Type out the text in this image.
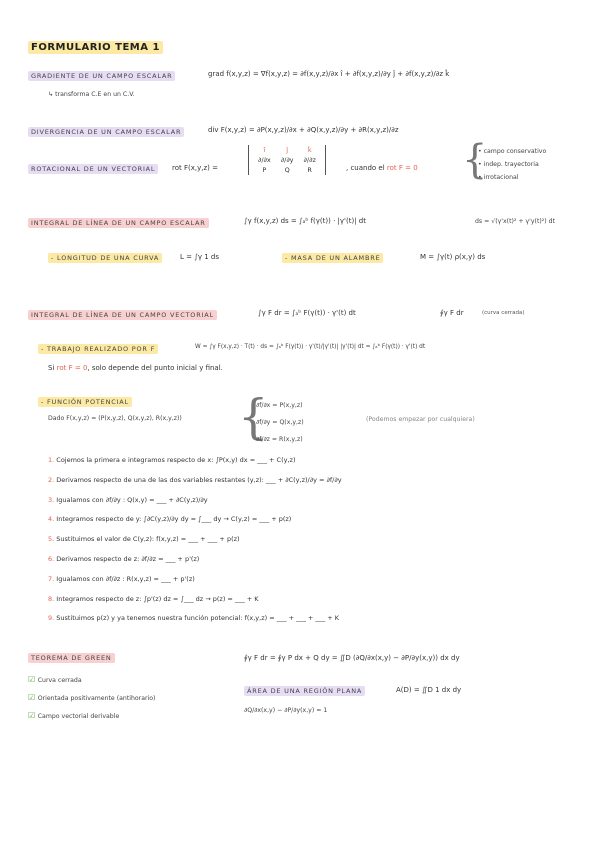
FORMULARIO TEMA 1
GRADIENTE DE UN CAMPO ESCALAR	grad f(x,y,z) = ∇f(x,y,z) = ∂f(x,y,z)/∂x î + ∂f(x,y,z)/∂y ĵ + ∂f(x,y,z)/∂z k̂
↳ transforma C.E en un C.V.
DIVERGENCIA DE UN CAMPO ESCALAR	div F(x,y,z) = ∂P(x,y,z)/∂x + ∂Q(x,y,z)/∂y + ∂R(x,y,z)/∂z
ROTACIONAL DE UN VECTORIAL	rot F(x,y,z) =
î	ĵ	k̂
∂/∂x	∂/∂y	∂/∂z
P	Q	R	, cuando el rot F = 0 {
• campo conservativo
• indep. trayectoria
• irrotacional
INTEGRAL DE LÍNEA DE UN CAMPO ESCALAR	∫γ f(x,y,z) ds = ∫ₐᵇ f(γ(t)) · |γ'(t)| dt	ds = √(γ'x(t)² + γ'y(t)²) dt
- LONGITUD DE UNA CURVA	L = ∫γ 1 ds	- MASA DE UN ALAMBRE	M = ∫γ(t) ρ(x,y) ds
INTEGRAL DE LÍNEA DE UN CAMPO VECTORIAL	∫γ F dr = ∫ₐᵇ F(γ(t)) · γ'(t) dt	∮γ F dr	(curva cerrada)
- TRABAJO REALIZADO POR F	W = ∫γ F(x,y,z) · T(t) · ds = ∫ₐᵇ F(γ(t)) · γ'(t)/|γ'(t)| |γ'(t)| dt = ∫ₐᵇ F(γ(t)) · γ'(t) dt
Si rot F = 0, solo depende del punto inicial y final.
- FUNCIÓN POTENCIAL
Dado F(x,y,z) = (P(x,y,z), Q(x,y,z), R(x,y,z)) {
∂f/∂x = P(x,y,z)
∂f/∂y = Q(x,y,z)
∂f/∂z = R(x,y,z)
(Podemos empezar por cualquiera)
1. Cojemos la primera e integramos respecto de x: ∫P(x,y) dx = ___ + C(y,z)
2. Derivamos respecto de una de las dos variables restantes (y,z): ___ + ∂C(y,z)/∂y = ∂f/∂y
3. Igualamos con ∂f/∂y : Q(x,y) = ___ + ∂C(y,z)/∂y
4. Integramos respecto de y: ∫∂C(y,z)/∂y dy = ∫___ dy → C(y,z) = ___ + p(z)
5. Sustituimos el valor de C(y,z): f(x,y,z) = ___ + ___ + p(z)
6. Derivamos respecto de z: ∂f/∂z = ___ + p'(z)
7. Igualamos con ∂f/∂z : R(x,y,z) = ___ + p'(z)
8. Integramos respecto de z: ∫p'(z) dz = ∫___ dz → p(z) = ___ + K
9. Sustituimos p(z) y ya tenemos nuestra función potencial: f(x,y,z) = ___ + ___ + ___ + K
TEOREMA DE GREEN	∮γ F dr = ∮γ P dx + Q dy = ∬D (∂Q/∂x(x,y) − ∂P/∂y(x,y)) dx dy
☑ Curva cerrada
☑ Orientada positivamente (antihorario)
☑ Campo vectorial derivable
ÁREA DE UNA REGIÓN PLANA	A(D) = ∬D 1 dx dy
∂Q/∂x(x,y) − ∂P/∂y(x,y) = 1
